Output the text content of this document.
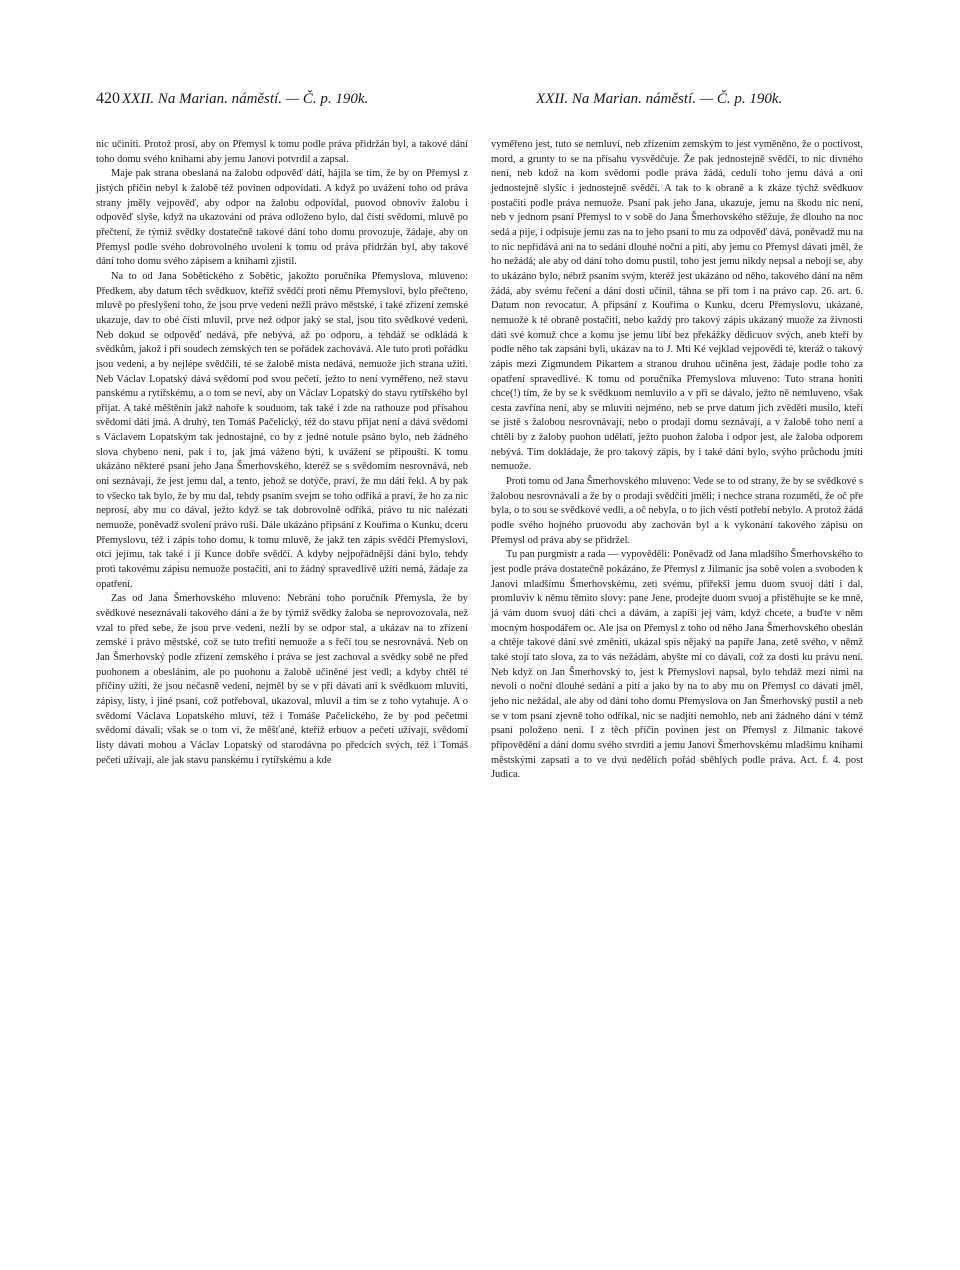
420 XXII. Na Marian. náměstí. — Č. p. 190k.	XXII. Na Marian. náměstí. — Č. p. 190k.

nic učiniti. Protož prosí, aby on Přemysl k tomu podle práva přidržán byl, a takové dání toho domu svého knihami aby jemu Janovi potvrdil a zapsal.

Maje pak strana obeslaná na žalobu odpověď dáti, hájila se tím, že by on Přemysl z jistých příčin nebyl k žalobě též povinen odpovídati. A když po uvážení toho od práva strany jměly vejpověď, aby odpor na žalobu odpovídal, puovod obnoviv žalobu i odpověď slyše, když na ukazování od práva odloženo bylo, dal čísti svědomí, mluvě po přečtení, že týmiž svědky dostatečně takové dání toho domu provozuje, žádaje, aby on Přemysl podle svého dobrovolného uvolení k tomu od práva přidržán byl, aby takové dání toho domu svého zápisem a knihami zjistil.

Na to od Jana Sobětického z Sobětic, jakožto poručníka Přemyslova, mluveno: Předkem, aby datum těch svědkuov, kteříž svědčí proti němu Přemyslovi, bylo přečteno, mluvě po přeslyšení toho, že jsou prve vedeni nežli právo městské, i také zřízení zemské ukazuje, dav to obé čísti mluvil, prve než odpor jaký se stal, jsou tito svědkové vedeni. Neb dokud se odpověď nedává, pře nebývá, až po odporu, a tehdáž se odkládá k svědkům, jakož i při soudech zemských ten se pořádek zachovává. Ale tuto proti pořádku jsou vedeni, a by nejlépe svědčili, té se žalobě místa nedává, nemuože jich strana užiti. Neb Václav Lopatský dává svědomí pod svou pečetí, ježto to není vyměřeno, než stavu panskému a rytířskému, a o tom se neví, aby on Václav Lopatský do stavu rytířského byl přijat. A také měštěnín jakž nahoře k souduom, tak také i zde na rathouze pod přísahou svědomí dáti jmá. A druhý, ten Tomáš Pačelický, též do stavu přijat není a dává svědomí s Václavem Lopatským tak jednostajné, co by z jedné notule psáno bylo, neb žádného slova chybeno není, pak i to, jak jmá váženo býti, k uvážení se připouští. K tomu ukázáno některé psaní jeho Jana Šmerhovského, kteréž se s svědomím nesrovnává, neb oni seznávají, že jest jemu dal, a tento, jehož se dotýče, praví, že mu dáti řekl. A by pak to všecko tak bylo, že by mu dal, tehdy psaním svejm se toho odříká a praví, že ho za nic neprosí, aby mu co dával, ježto když se tak dobrovolně odříká, právo tu nic nalézati nemuože, poněvadž svolení právo ruší. Dále ukázáno připsání z Kouřima o Kunku, dceru Přemyslovu, též i zápis toho domu, k tomu mluvě, že jakž ten zápis svědčí Přemyslovi, otci jejímu, tak také i jí Kunce dobře svědčí. A kdyby nejpořádnější dání bylo, tehdy proti takovému zápisu nemuože postačiti, ani to žádný spravedlivě užíti nemá, žádaje za opatření.

Zas od Jana Šmerhovského mluveno: Nebrání toho poručník Přemysla, že by svědkové neseznávali takového dání a že by týmiž svědky žaloba se neprovozovala, než vzal to před sebe, že jsou prve vedeni, nežli by se odpor stal, a ukázav na to zřízení zemské i právo městské, což se tuto trefiti nemuože a s řečí tou se nesrovnává. Neb on Jan Šmerhovský podle zřízení zemského i práva se jest zachoval a svědky sobě ne před puohonem a obeslánim, ale po puohonu a žalobě učiněné jest vedl; a kdyby chtěl té příčiny užiti, že jsou nečasně vedeni, nejměl by se v při dávati ani k svědkuom mluviti, zápisy, listy, i jiné psaní, což potřeboval, ukazoval, mluvil a tím se z toho vytahuje. A o svědomí Václava Lopatského mluví, též i Tomáše Pačelického, že by pod pečetmi svědomí dávali; však se o tom ví, že měšťané, kteříž erbuov a pečetí užívají, svědomí listy dávati mohou a Václav Lopatský od starodávna po předcích svých, též i Tomáš pečetí užívají, ale jak stavu panskému i rytířskému a kde

vyměřeno jest, tuto se nemluví, neb zřízením zemským to jest vyměněno, že o poctivost, mord, a grunty to se na přísahu vysvědčuje. Že pak jednostejně svědčí, to nic divného není, neb kdož na kom svědomí podle práva žádá, cedulí toho jemu dává a oni jednostejně slyšíc i jednostejně svědčí. A tak to k obraně a k zkáze týchž svědkuov postačiti podle práva nemuože. Psaní pak jeho Jana, ukazuje, jemu na škodu nic není, neb v jednom psaní Přemysl to v sobě do Jana Šmerhovského stěžuje, že dlouho na noc sedá a pije, i odpisuje jemu zas na to jeho psaní to mu za odpověď dává, poněvadž mu na to nic nepřidává ani na to sedání dlouhé noční a pití, aby jemu co Přemysl dávati jměl, že ho nežádá; ale aby od dání toho domu pustil, toho jest jemu nikdy nepsal a nebojí se, aby to ukázáno bylo, nébrž psaním svým, kteréž jest ukázáno od něho, takového dání na něm žádá, aby svému řečení a dání dosti učinil, táhna se při tom i na právo cap. 26. art. 6. Datum non revocatur. A připsání z Kouřima o Kunku, dceru Přemyslovu, ukázané, nemuože k té obraně postačiti, nebo každý pro takový zápis ukázaný muože za živnosti dáti své komuž chce a komu jse jemu líbí bez překážky dědicuov svých, aneb kteří by podle něho tak zapsáni byli, ukázav na to J. Mti Ké vejklad vejpovědi té, kteráž o takový zápis mezi Zigmundem Pikartem a stranou druhou učiněna jest, žádaje podle toho za opatření spravedlivé. K tomu od poručníka Přemyslova mluveno: Tuto strana honiti chce(!) tím, že by se k svědkuom nemluvilo a v při se dávalo, ježto ně nemluveno, však cesta zavřína není, aby se mluviti nejméno, neb se prve datum jich zvěděti musilo, kteří se jistě s žalobou nesrovnávají, nebo o prodaji domu seznávají, a v žalobě toho není a chtěli by z žaloby puohon udělati, ježto puohon žaloba i odpor jest, ale žaloba odporem nebývá. Tím dokládaje, že pro takový zápis, by i také dání bylo, svýho průchodu jmíti nemuože.

Proti tomu od Jana Šmerhovského mluveno: Vede se to od strany, že by se svědkové s žalobou nesrovnávali a že by o prodaji svědčiti jměli; i nechce strana rozuměti, že oč pře byla, o to sou se svědkové vedli, a oč nebyla, o to jich vésti potřebí nebylo. A protož žádá podle svého hojného pruovodu aby zachován byl a k vykonání takového zápisu on Přemysl od práva aby se přidržel.

Tu pan purgmistr a rada — vypověděli: Poněvadž od Jana mladšího Šmerhovského to jest podle práva dostatečně pokázáno, že Přemysl z Jilmanic jsa sobě volen a svoboden k Janovi mladšímu Šmerhovskému, zeti svému, přiřekši jemu duom svuoj dáti i dal, promluviv k němu těmito slovy: pane Jene, prodejte duom svuoj a přistěhujte se ke mně, já vám duom svuoj dáti chci a dávám, a zapíši jej vám, když chcete, a buďte v něm mocným hospodářem oc. Ale jsa on Přemysl z toho od něho Jana Šmerhovského obeslán a chtěje takové dání své změniti, ukázal spis nějaký na papíře Jana, zetě svého, v němž také stojí tato slova, za to vás nežádám, abyšte mi co dávali, což za dosti ku právu není. Neb když on Jan Šmerhovský to, jest k Přemyslovi napsal, bylo tehdáž mezi nimi na nevoli o noční dlouhé sedání a pití a jako by na to aby mu on Přemysl co dávati jměl, jeho nic nežádal, ale aby od dání toho domu Přemyslova on Jan Šmerhovský pustil a neb se v tom psaní zjevně toho odříkal, nic se nadjíti nemohlo, neb ani žádného dání v témž psaní položeno není. I z těch příčin povinen jest on Přemysl z Jilmanic takové připovědění a dání domu svého stvrditi a jemu Janovi Šmerhovskému mladšímu knihami městskými zapsati a to ve dvú nedělích pořád sběhlých podle práva. Act. f. 4. post Judica.
